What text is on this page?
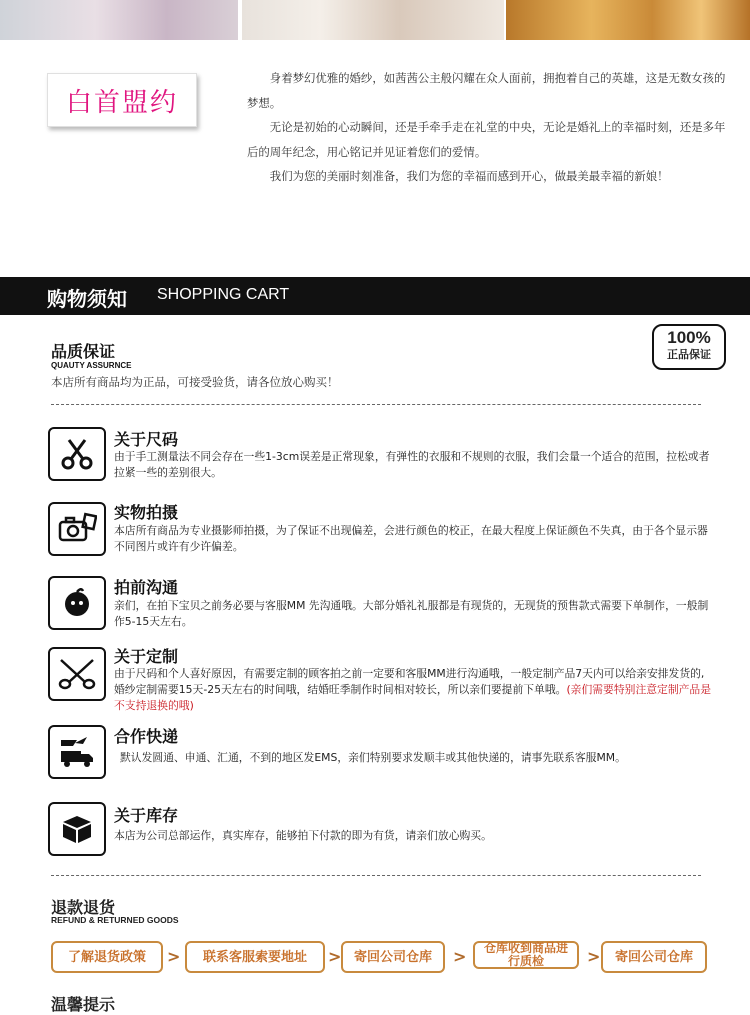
白首盟约

身着梦幻优雅的婚纱，如茜茜公主般闪耀在众人面前，拥抱着自己的英雄，这是无数女孩的梦想。

无论是初始的心动瞬间，还是手牵手走在礼堂的中央，无论是婚礼上的幸福时刻，还是多年后的周年纪念，用心铭记并见证着您们的爱情。

我们为您的美丽时刻准备，我们为您的幸福而感到开心，做最美最幸福的新娘！

购物须知 SHOPPING CART
品质保证
QUAUTY ASSURNCE
本店所有商品均为正品，可接受验货，请各位放心购买！
100%
正品保证
关于尺码
由于手工测量法不同会存在一些1-3cm误差是正常现象，有弹性的衣服和不规则的衣服，我们会量一个适合的范围，拉松或者拉紧一些的差别很大。
实物拍摄
本店所有商品为专业摄影师拍摄，为了保证不出现偏差，会进行颜色的校正，在最大程度上保证颜色不失真，由于各个显示器不同图片或许有少许偏差。
拍前沟通
亲们，在拍下宝贝之前务必要与客服MM 先沟通哦。大部分婚礼礼服都是有现货的，无现货的预售款式需要下单制作，一般制作5-15天左右。
关于定制
由于尺码和个人喜好原因，有需要定制的顾客拍之前一定要和客服MM进行沟通哦，一般定制产品7天内可以给亲安排发货的,婚纱定制需要15天-25天左右的时间哦，结婚旺季制作时间相对较长，所以亲们要提前下单哦。(亲们需要特别注意定制产品是不支持退换的哦)
合作快递
默认发圆通、申通、汇通，不到的地区发EMS，亲们特别要求发顺丰或其他快递的，请事先联系客服MM。
关于库存
本店为公司总部运作，真实库存，能够拍下付款的即为有货，请亲们放心购买。
退款退货
REFUND & RETURNED GOODS
了解退货政策	>	联系客服索要地址	> 寄回公司仓库	>	仓库收到商品进行质检	>	寄回公司仓库
温馨提示
